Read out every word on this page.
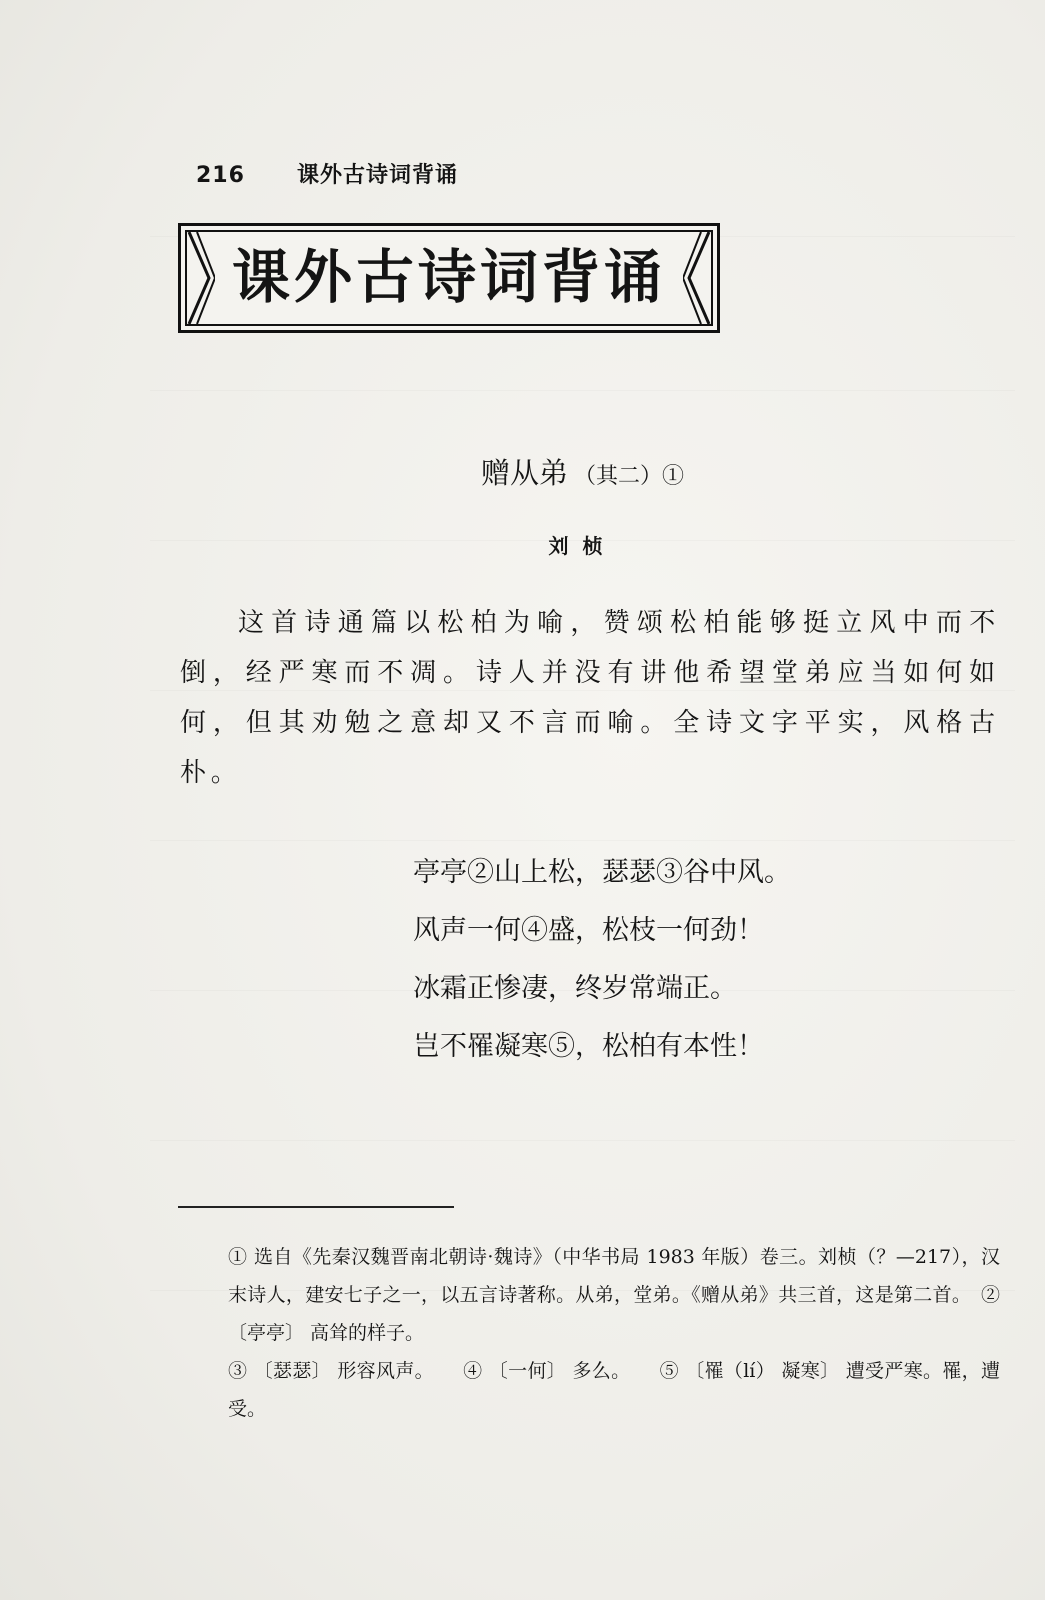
216 课外古诗词背诵
课外古诗词背诵
赠从弟 （其二）①
刘桢

这首诗通篇以松柏为喻，赞颂松柏能够挺立风中而不倒，经严寒而不凋。诗人并没有讲他希望堂弟应当如何如何，但其劝勉之意却又不言而喻。全诗文字平实，风格古朴。

亭亭②山上松，瑟瑟③谷中风。
风声一何④盛，松枝一何劲！
冰霜正惨凄，终岁常端正。
岂不罹凝寒⑤，松柏有本性！

① 选自《先秦汉魏晋南北朝诗·魏诗》（中华书局 1983 年版）卷三。刘桢（？—217），汉末诗人，建安七子之一，以五言诗著称。从弟，堂弟。《赠从弟》共三首，这是第二首。　② 〔亭亭〕 高耸的样子。

③ 〔瑟瑟〕 形容风声。　　④ 〔一何〕 多么。　　⑤ 〔罹（lí） 凝寒〕 遭受严寒。罹，遭受。
